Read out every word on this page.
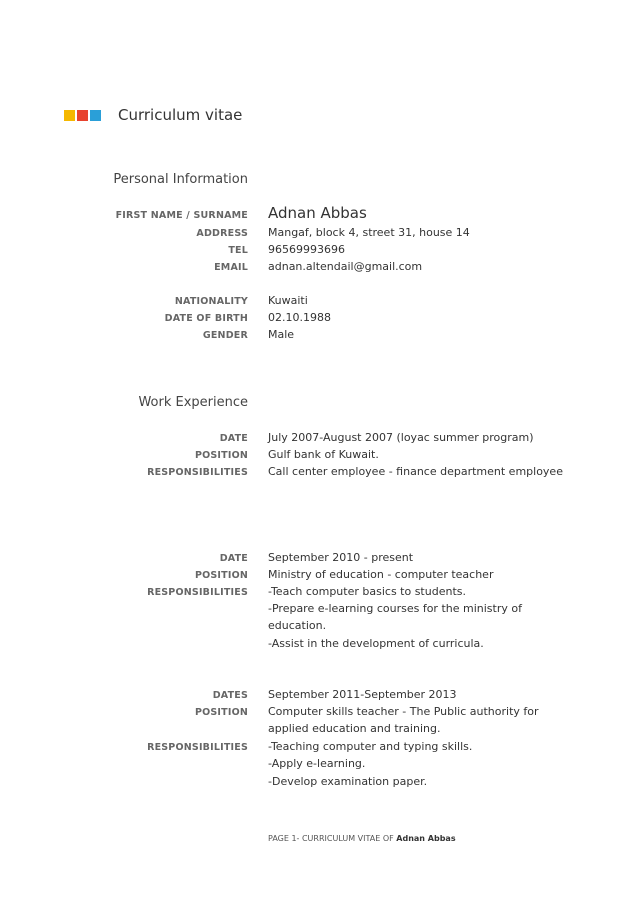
Curriculum vitae
Personal Information
FIRST NAME / SURNAME Adnan Abbas
ADDRESS Mangaf, block 4, street 31, house 14
TEL 96569993696
EMAIL adnan.altendail@gmail.com
NATIONALITY Kuwaiti
DATE OF BIRTH 02.10.1988
GENDER Male
Work Experience
DATE July 2007-August 2007 (loyac summer program)
POSITION Gulf bank of Kuwait.
RESPONSIBILITIES Call center employee - finance department employee
DATE September 2010 - present
POSITION Ministry of education - computer teacher
RESPONSIBILITIES -Teach computer basics to students.
-Prepare e-learning courses for the ministry of
education.
-Assist in the development of curricula.
DATES September 2011-September 2013
POSITION Computer skills teacher - The Public authority for
applied education and training.
RESPONSIBILITIES -Teaching computer and typing skills.
-Apply e-learning.
-Develop examination paper.
PAGE 1- CURRICULUM VITAE OF Adnan Abbas
